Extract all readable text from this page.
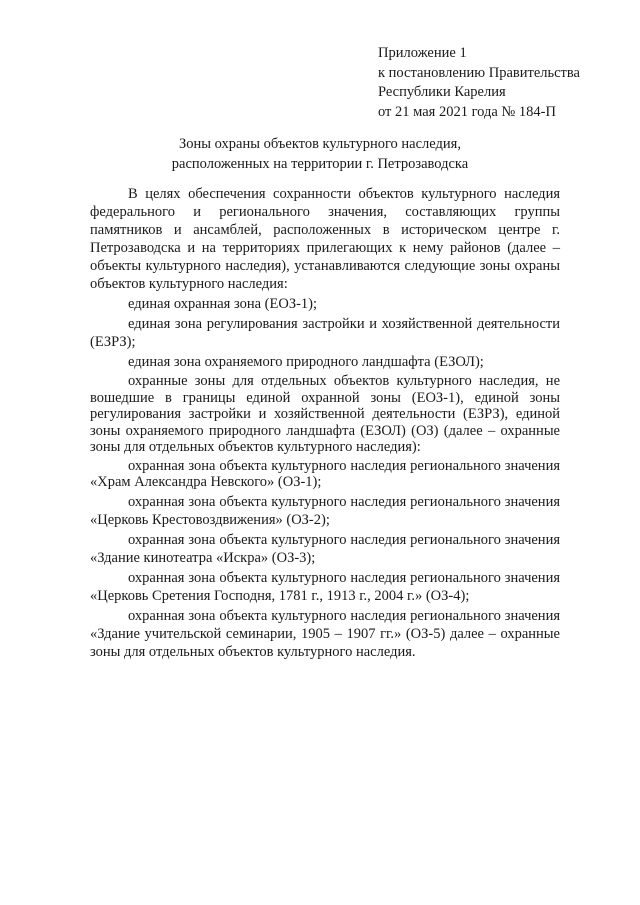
Приложение 1
к постановлению Правительства
Республики Карелия
от 21 мая 2021 года № 184-П
Зоны охраны объектов культурного наследия,
расположенных на территории г. Петрозаводска

В целях обеспечения сохранности объектов культурного наследия федерального и регионального значения, составляющих группы памятников и ансамблей, расположенных в историческом центре г. Петрозаводска и на территориях прилегающих к нему районов (далее – объекты культурного наследия), устанавливаются следующие зоны охраны объектов культурного наследия:

единая охранная зона (ЕОЗ-1);

единая зона регулирования застройки и хозяйственной деятельности (ЕЗРЗ);

единая зона охраняемого природного ландшафта (ЕЗОЛ);

охранные зоны для отдельных объектов культурного наследия, не вошедшие в границы единой охранной зоны (ЕОЗ-1), единой зоны регулирования застройки и хозяйственной деятельности (ЕЗРЗ), единой зоны охраняемого природного ландшафта (ЕЗОЛ) (ОЗ) (далее – охранные зоны для отдельных объектов культурного наследия):

охранная зона объекта культурного наследия регионального значения «Храм Александра Невского» (ОЗ-1);

охранная зона объекта культурного наследия регионального значения «Церковь Крестовоздвижения» (ОЗ-2);

охранная зона объекта культурного наследия регионального значения «Здание кинотеатра «Искра» (ОЗ-3);

охранная зона объекта культурного наследия регионального значения «Церковь Сретения Господня, 1781 г., 1913 г., 2004 г.» (ОЗ-4);

охранная зона объекта культурного наследия регионального значения «Здание учительской семинарии, 1905 – 1907 гг.» (ОЗ-5) далее – охранные зоны для отдельных объектов культурного наследия.
